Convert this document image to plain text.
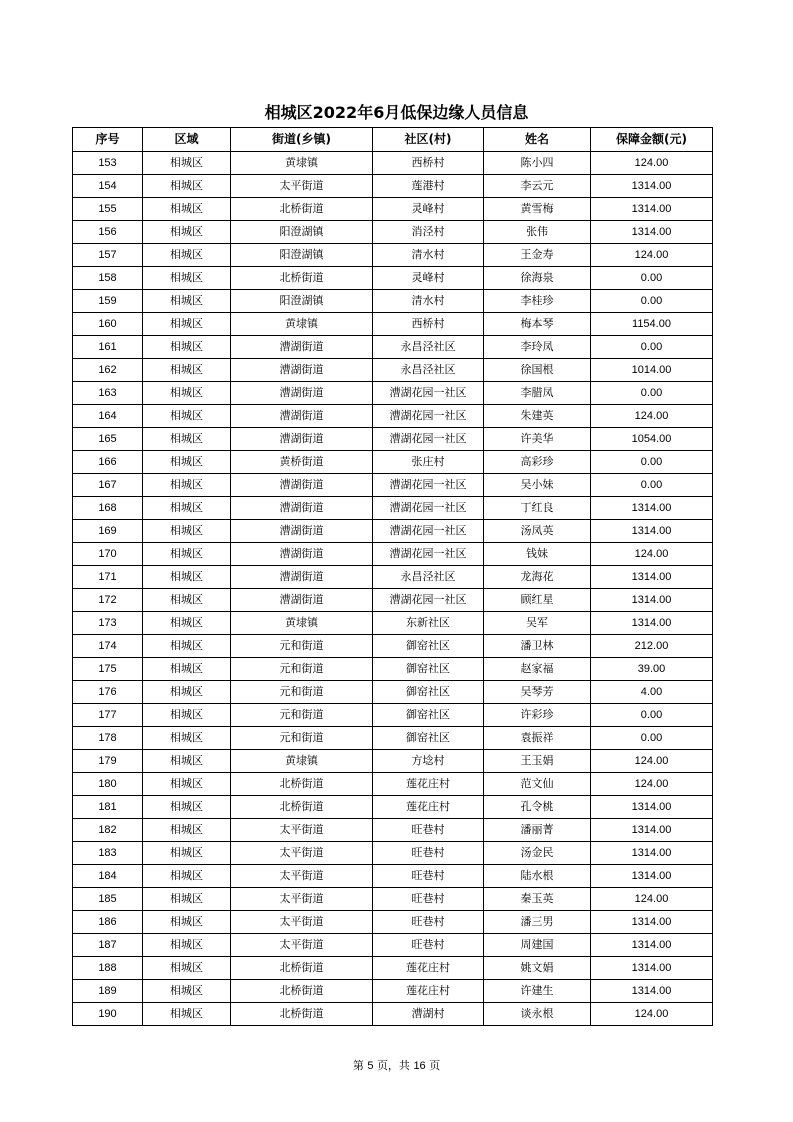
相城区2022年6月低保边缘人员信息
序号	区域	街道(乡镇)	社区(村)	姓名	保障金额(元)
153	相城区	黄埭镇	西桥村	陈小四	124.00
154	相城区	太平街道	莲港村	李云元	1314.00
155	相城区	北桥街道	灵峰村	黄雪梅	1314.00
156	相城区	阳澄湖镇	消泾村	张伟	1314.00
157	相城区	阳澄湖镇	清水村	王金寿	124.00
158	相城区	北桥街道	灵峰村	徐海泉	0.00
159	相城区	阳澄湖镇	清水村	李桂珍	0.00
160	相城区	黄埭镇	西桥村	梅本琴	1154.00
161	相城区	漕湖街道	永昌泾社区	李玲凤	0.00
162	相城区	漕湖街道	永昌泾社区	徐国根	1014.00
163	相城区	漕湖街道	漕湖花园一社区	李腊凤	0.00
164	相城区	漕湖街道	漕湖花园一社区	朱建英	124.00
165	相城区	漕湖街道	漕湖花园一社区	许美华	1054.00
166	相城区	黄桥街道	张庄村	高彩珍	0.00
167	相城区	漕湖街道	漕湖花园一社区	吴小妹	0.00
168	相城区	漕湖街道	漕湖花园一社区	丁红良	1314.00
169	相城区	漕湖街道	漕湖花园一社区	汤凤英	1314.00
170	相城区	漕湖街道	漕湖花园一社区	钱妹	124.00
171	相城区	漕湖街道	永昌泾社区	龙海花	1314.00
172	相城区	漕湖街道	漕湖花园一社区	顾红星	1314.00
173	相城区	黄埭镇	东新社区	吴军	1314.00
174	相城区	元和街道	御窑社区	潘卫林	212.00
175	相城区	元和街道	御窑社区	赵家福	39.00
176	相城区	元和街道	御窑社区	吴琴芳	4.00
177	相城区	元和街道	御窑社区	许彩珍	0.00
178	相城区	元和街道	御窑社区	袁振祥	0.00
179	相城区	黄埭镇	方埝村	王玉娟	124.00
180	相城区	北桥街道	莲花庄村	范文仙	124.00
181	相城区	北桥街道	莲花庄村	孔令桃	1314.00
182	相城区	太平街道	旺巷村	潘丽菁	1314.00
183	相城区	太平街道	旺巷村	汤金民	1314.00
184	相城区	太平街道	旺巷村	陆水根	1314.00
185	相城区	太平街道	旺巷村	秦玉英	124.00
186	相城区	太平街道	旺巷村	潘三男	1314.00
187	相城区	太平街道	旺巷村	周建国	1314.00
188	相城区	北桥街道	莲花庄村	姚文娟	1314.00
189	相城区	北桥街道	莲花庄村	许建生	1314.00
190	相城区	北桥街道	漕湖村	谈永根	124.00
第 5 页，共 16 页
